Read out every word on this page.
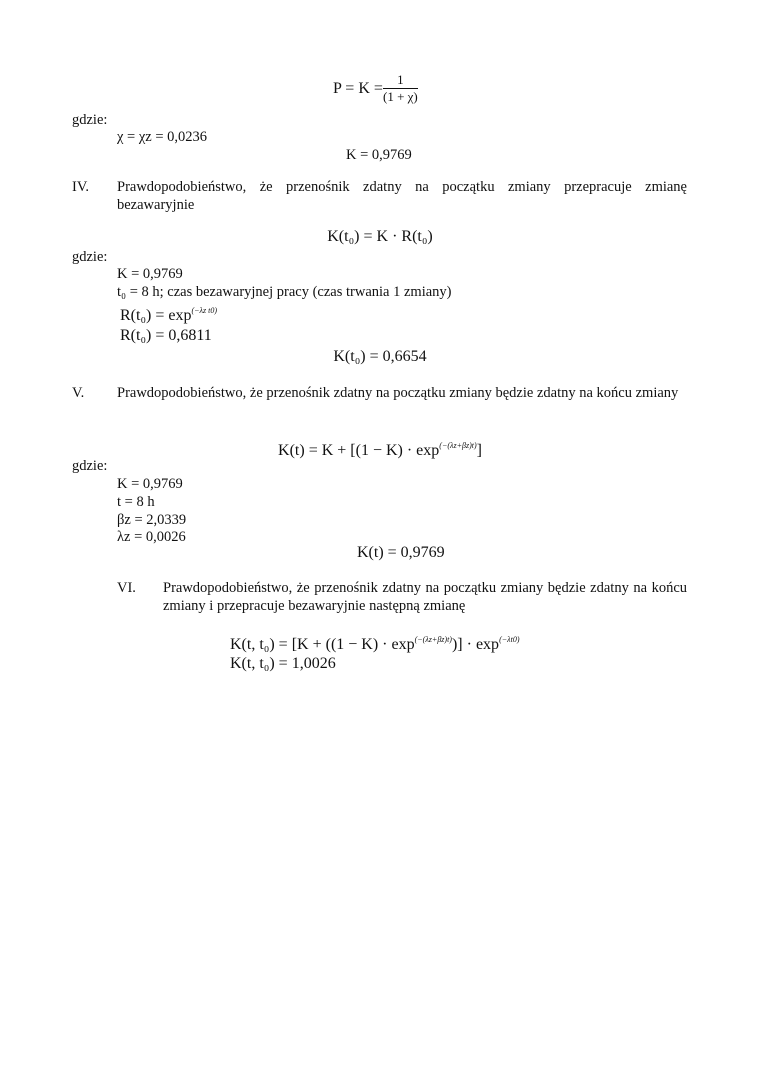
$P = K = \frac{1}{(1 + \chi)}$
gdzie:
χ = χz = 0,0236
K = 0,9769
IV. Prawdopodobieństwo, że przenośnik zdatny na początku zmiany przepracuje zmianę bezawaryjnie
K(t₀) = K · R(t₀)
gdzie:
K = 0,9769
t₀ = 8 h; czas bezawaryjnej pracy (czas trwania 1 zmiany)
$R(t_0) = \exp^{(-\lambda z t0)}$
R(t₀) = 0,6811
K(t₀) = 0,6654
V. Prawdopodobieństwo, że przenośnik zdatny na początku zmiany będzie zdatny na końcu zmiany
$K(t) = K + [(1 - K) \cdot \exp^{(-(\lambda z+\beta z)t)}]$
gdzie:
K = 0,9769
t = 8 h
βz = 2,0339
λz = 0,0026
K(t) = 0,9769
VI. Prawdopodobieństwo, że przenośnik zdatny na początku zmiany będzie zdatny na końcu zmiany i przepracuje bezawaryjnie następną zmianę
K(t, $t_0) = [K + ((1 - K) \cdot \exp^{(-(\lambda z+\beta z)t)})] \cdot \exp^{(-\lambda t0)}$
K(t, t₀) = 1,0026
